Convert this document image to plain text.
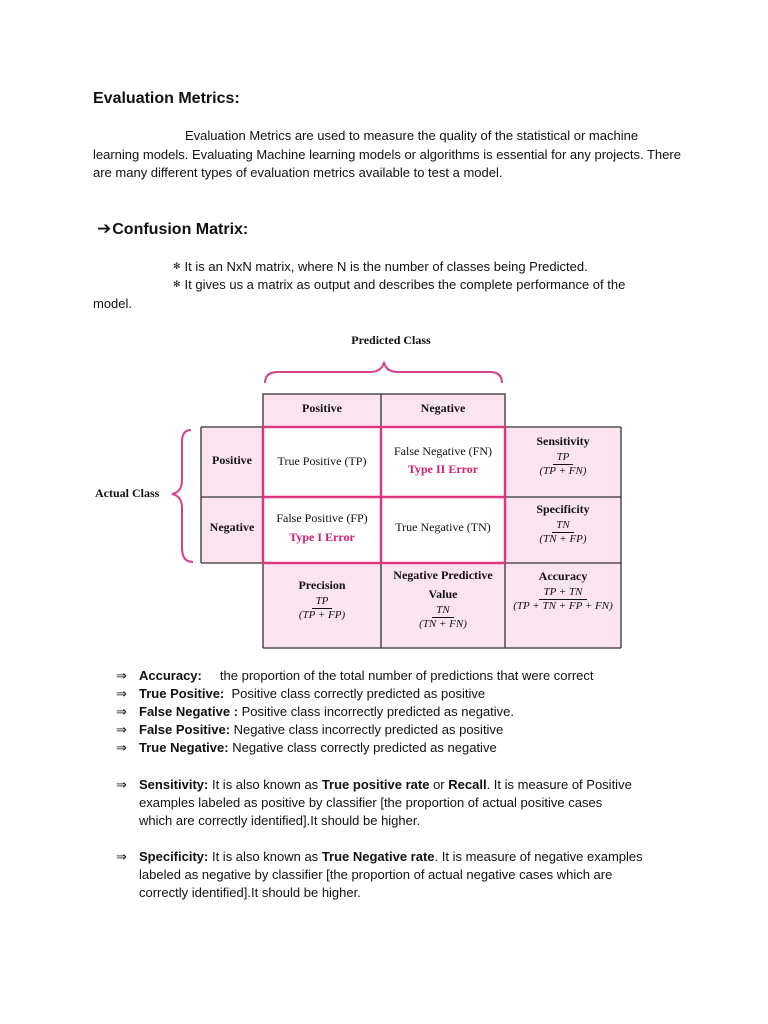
Evaluation Metrics:
Evaluation Metrics are used to measure the quality of the statistical or machine learning models. Evaluating Machine learning models or algorithms is essential for any projects. There are many different types of evaluation metrics available to test a model.
➔Confusion Matrix:
✻ It is an NxN matrix, where N is the number of classes being Predicted.
✻ It gives us a matrix as output and describes the complete performance of the
model.
Predicted Class
Actual Class
Positive	Negative
Positive
Negative
True Positive (TP)
False Negative (FN)
Type II Error
False Positive (FP)
Type I Error
True Negative (TN)
Sensitivity
$\frac{TP}{(TP + FN)}$
Specificity
$\frac{TN}{(TN + FP)}$
Precision
$\frac{TP}{(TP + FP)}$
Negative Predictive
Value
$\frac{TN}{(TN + FN)}$
Accuracy
$\frac{TP + TN}{(TP + TN + FP + FN)}$
⇒ Accuracy:     the proportion of the total number of predictions that were correct
⇒ True Positive:  Positive class correctly predicted as positive
⇒ False Negative : Positive class incorrectly predicted as negative.
⇒ False Positive: Negative class incorrectly predicted as positive
⇒ True Negative: Negative class correctly predicted as negative
⇒ Sensitivity: It is also known as True positive rate or Recall. It is measure of Positive
examples labeled as positive by classifier [the proportion of actual positive cases
which are correctly identified].It should be higher.
⇒ Specificity: It is also known as True Negative rate. It is measure of negative examples
labeled as negative by classifier [the proportion of actual negative cases which are
correctly identified].It should be higher.
